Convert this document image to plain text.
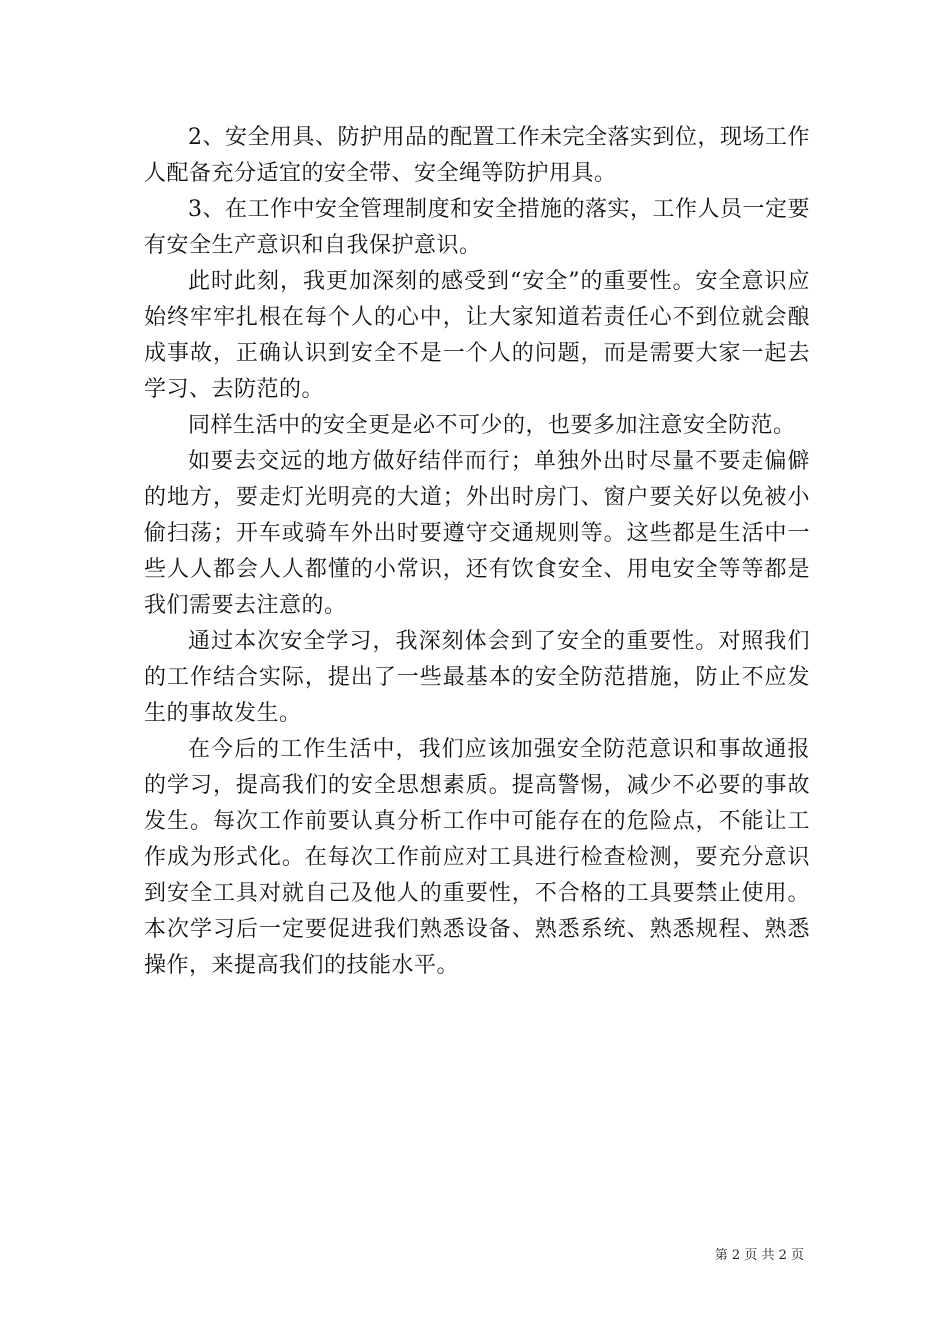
2、安全用具、防护用品的配置工作未完全落实到位，现场工作人配备充分适宜的安全带、安全绳等防护用具。

3、在工作中安全管理制度和安全措施的落实，工作人员一定要有安全生产意识和自我保护意识。

此时此刻，我更加深刻的感受到“安全”的重要性。安全意识应始终牢牢扎根在每个人的心中，让大家知道若责任心不到位就会酿成事故，正确认识到安全不是一个人的问题，而是需要大家一起去学习、去防范的。

同样生活中的安全更是必不可少的，也要多加注意安全防范。

如要去交远的地方做好结伴而行；单独外出时尽量不要走偏僻的地方，要走灯光明亮的大道；外出时房门、窗户要关好以免被小偷扫荡；开车或骑车外出时要遵守交通规则等。这些都是生活中一些人人都会人人都懂的小常识，还有饮食安全、用电安全等等都是我们需要去注意的。

通过本次安全学习，我深刻体会到了安全的重要性。对照我们的工作结合实际，提出了一些最基本的安全防范措施，防止不应发生的事故发生。

在今后的工作生活中，我们应该加强安全防范意识和事故通报的学习，提高我们的安全思想素质。提高警惕，减少不必要的事故发生。每次工作前要认真分析工作中可能存在的危险点，不能让工作成为形式化。在每次工作前应对工具进行检查检测，要充分意识到安全工具对就自己及他人的重要性，不合格的工具要禁止使用。本次学习后一定要促进我们熟悉设备、熟悉系统、熟悉规程、熟悉操作，来提高我们的技能水平。

第 2 页 共 2 页
